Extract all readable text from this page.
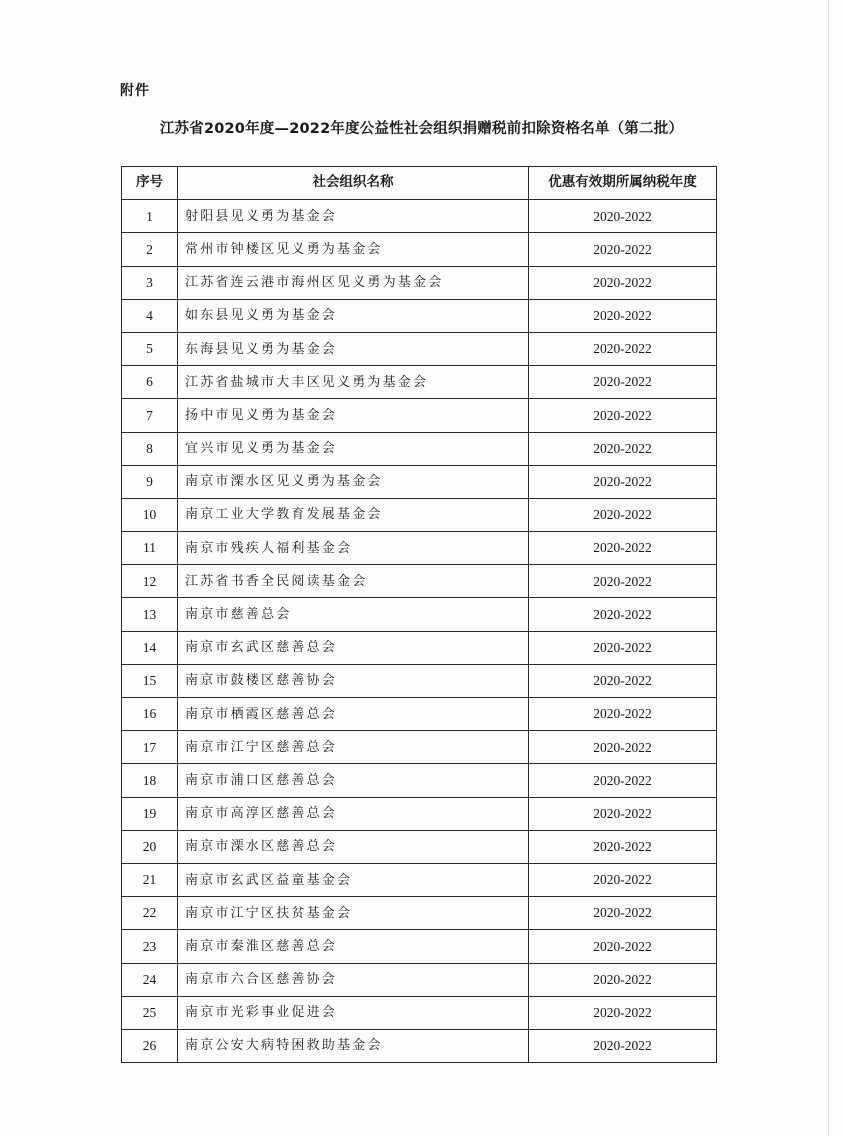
附件
江苏省2020年度—2022年度公益性社会组织捐赠税前扣除资格名单（第二批）
序号	社会组织名称	优惠有效期所属纳税年度
1	射阳县见义勇为基金会	2020-2022
2	常州市钟楼区见义勇为基金会	2020-2022
3	江苏省连云港市海州区见义勇为基金会	2020-2022
4	如东县见义勇为基金会	2020-2022
5	东海县见义勇为基金会	2020-2022
6	江苏省盐城市大丰区见义勇为基金会	2020-2022
7	扬中市见义勇为基金会	2020-2022
8	宜兴市见义勇为基金会	2020-2022
9	南京市溧水区见义勇为基金会	2020-2022
10	南京工业大学教育发展基金会	2020-2022
11	南京市残疾人福利基金会	2020-2022
12	江苏省书香全民阅读基金会	2020-2022
13	南京市慈善总会	2020-2022
14	南京市玄武区慈善总会	2020-2022
15	南京市鼓楼区慈善协会	2020-2022
16	南京市栖霞区慈善总会	2020-2022
17	南京市江宁区慈善总会	2020-2022
18	南京市浦口区慈善总会	2020-2022
19	南京市高淳区慈善总会	2020-2022
20	南京市溧水区慈善总会	2020-2022
21	南京市玄武区益童基金会	2020-2022
22	南京市江宁区扶贫基金会	2020-2022
23	南京市秦淮区慈善总会	2020-2022
24	南京市六合区慈善协会	2020-2022
25	南京市光彩事业促进会	2020-2022
26	南京公安大病特困救助基金会	2020-2022
